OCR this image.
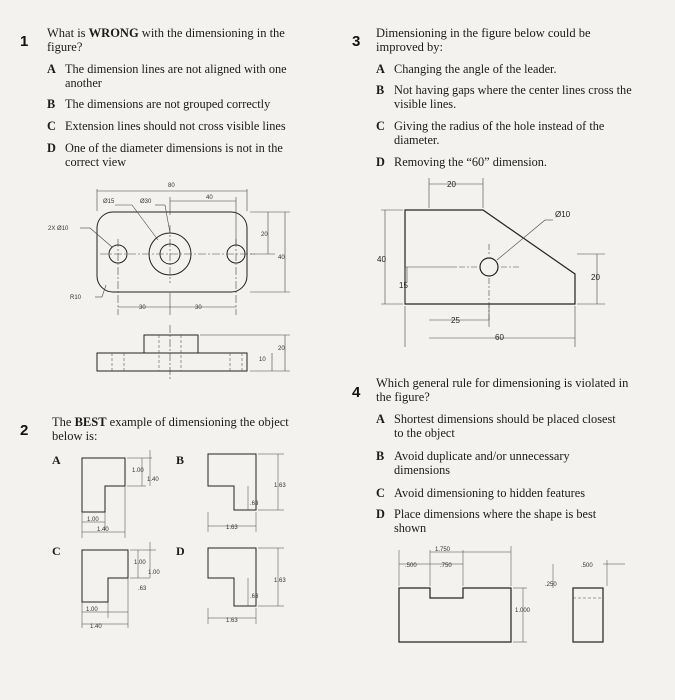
1 What is WRONG with the dimensioning in the figure?
A The dimension lines are not aligned with one another
B The dimensions are not grouped correctly
C Extension lines should not cross visible lines
D One of the diameter dimensions is not in the correct view
80
Ø15	Ø30
40
2X Ø10
20
40
R10
30	30
20
10
2 The BEST example of dimensioning the object below is:
A	B
C	D
1.00
1.40
1.00
1.40
1.63
1.63
.63
1.00
1.40
1.00
.63
1.00
1.63
.63
1.63
3 Dimensioning in the figure below could be improved by:
A Changing the angle of the leader.
B Not having gaps where the center lines cross the visible lines.
C Giving the radius of the hole instead of the diameter.
D Removing the “60” dimension.
20
Ø10
40
15
20
25
60
4
Which general rule for dimensioning is violated in the figure?
A Shortest dimensions should be placed closest to the object
B Avoid duplicate and/or unnecessary dimensions
C Avoid dimensioning to hidden features
D Place dimensions where the shape is best shown
1.750
.500	.750	.500
.250
1.000
